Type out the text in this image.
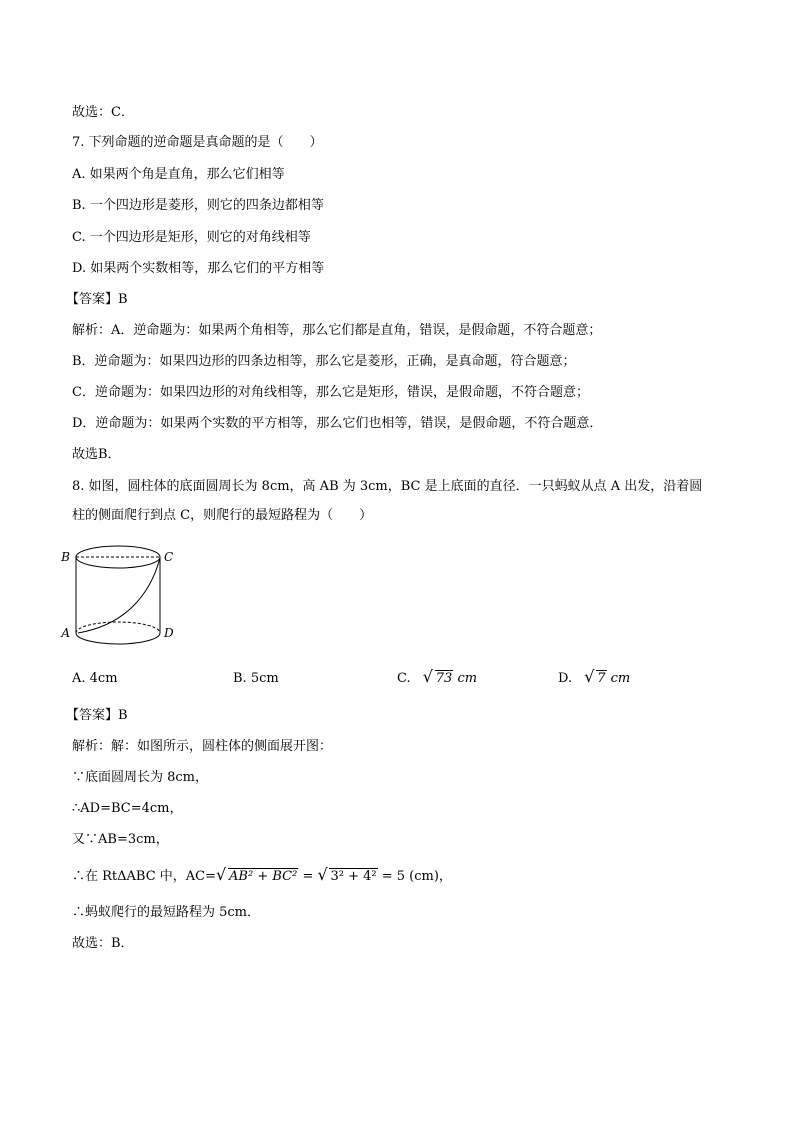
故选：C．
7. 下列命题的逆命题是真命题的是（　　）
A. 如果两个角是直角，那么它们相等
B. 一个四边形是菱形，则它的四条边都相等
C. 一个四边形是矩形，则它的对角线相等
D. 如果两个实数相等，那么它们的平方相等
【答案】B
解析：A．逆命题为：如果两个角相等，那么它们都是直角，错误，是假命题，不符合题意；
B．逆命题为：如果四边形的四条边相等，那么它是菱形，正确，是真命题，符合题意；
C．逆命题为：如果四边形的对角线相等，那么它是矩形，错误，是假命题，不符合题意；
D．逆命题为：如果两个实数的平方相等，那么它们也相等，错误，是假命题，不符合题意．
故选B．
8. 如图，圆柱体的底面圆周长为 8cm，高 AB 为 3cm，BC 是上底面的直径．一只蚂蚁从点 A 出发，沿着圆
柱的侧面爬行到点 C，则爬行的最短路程为（　　）
B	C
A	D
A. 4cm	B. 5cm	C. √ 73 cm	D. √ 7 cm
【答案】B
解析：解：如图所示，圆柱体的侧面展开图：
∵底面圆周长为 8cm，
∴AD=BC=4cm，
又∵AB=3cm，
∴在 RtΔABC 中，AC= √ AB² + BC² = √ 3² + 4² = 5 (cm)，
∴蚂蚁爬行的最短路程为 5cm．
故选：B．
